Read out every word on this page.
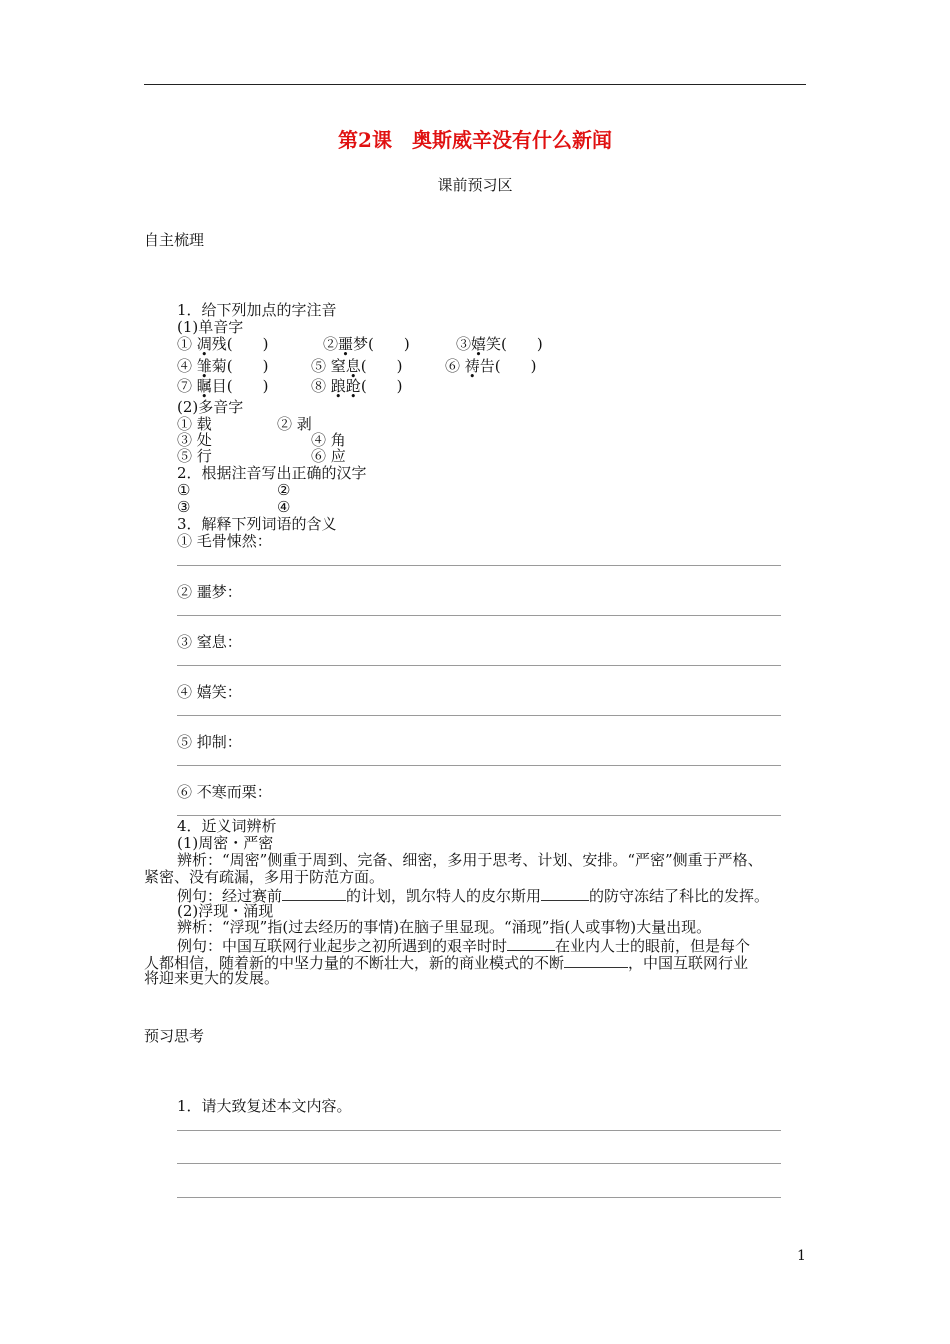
第2课　奥斯威辛没有什么新闻
课前预习区
自主梳理
1．给下列加点的字注音
(1)单音字
① 凋残(　　)	②噩梦(　　)	③嬉笑(　　)
④ 雏菊(　　)	⑤ 窒息(　　)	⑥ 祷告(　　)
⑦ 瞩目(　　)	⑧ 踉跄(　　)
(2)多音字
① 载	② 剥
③ 处	④ 角
⑤ 行	⑥ 应
2．根据注音写出正确的汉字
①	②
③	④
3．解释下列词语的含义
① 毛骨悚然：
② 噩梦：
③ 窒息：
④ 嬉笑：
⑤ 抑制：
⑥ 不寒而栗：
4．近义词辨析
(1)周密・严密
辨析：“周密”侧重于周到、完备、细密，多用于思考、计划、安排。“严密”侧重于严格、
紧密、没有疏漏，多用于防范方面。
例句：经过赛前	的计划，凯尔特人的皮尔斯用	的防守冻结了科比的发挥。
(2)浮现・涌现
辨析：“浮现”指(过去经历的事情)在脑子里显现。“涌现”指(人或事物)大量出现。
例句：中国互联网行业起步之初所遇到的艰辛时时	在业内人士的眼前，但是每个
人都相信，随着新的中坚力量的不断壮大，新的商业模式的不断	，中国互联网行业
将迎来更大的发展。
预习思考
1．请大致复述本文内容。
1
